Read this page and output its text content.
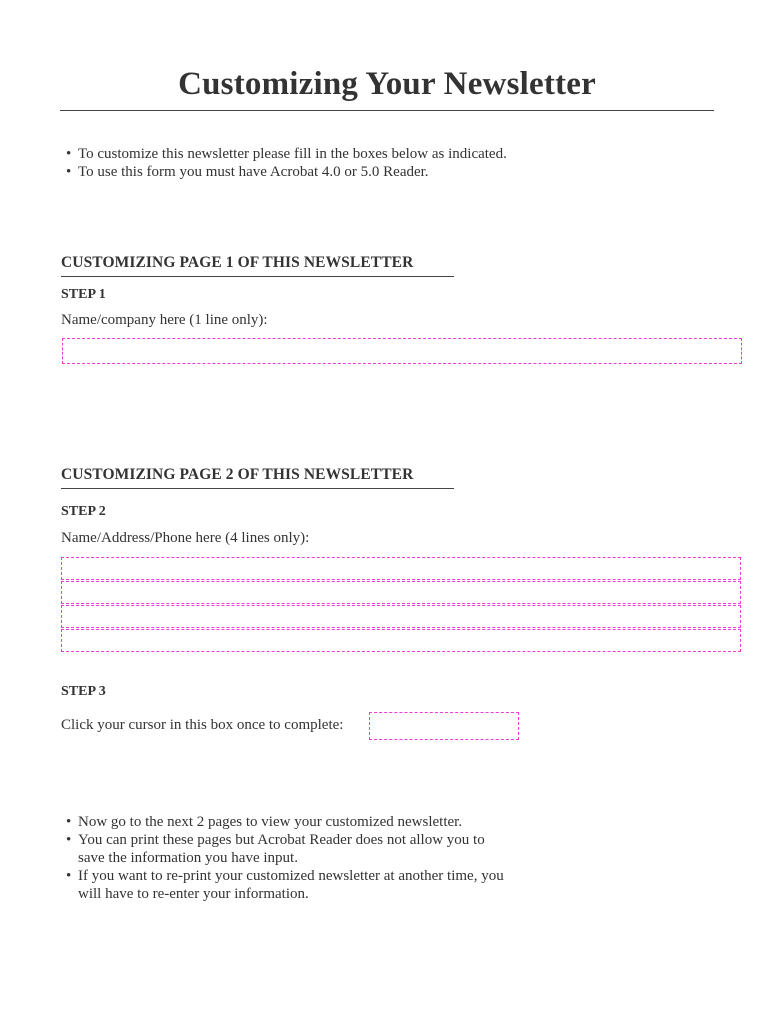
Customizing Your Newsletter
• To customize this newsletter please fill in the boxes below as indicated.
• To use this form you must have Acrobat 4.0 or 5.0 Reader.
CUSTOMIZING PAGE 1 OF THIS NEWSLETTER
STEP 1
Name/company here (1 line only):
CUSTOMIZING PAGE 2 OF THIS NEWSLETTER
STEP 2
Name/Address/Phone here (4 lines only):
STEP 3
Click your cursor in this box once to complete:
• Now go to the next 2 pages to view your customized newsletter.
• You can print these pages but Acrobat Reader does not allow you to save the information you have input.
• If you want to re-print your customized newsletter at another time, you will have to re-enter your information.
